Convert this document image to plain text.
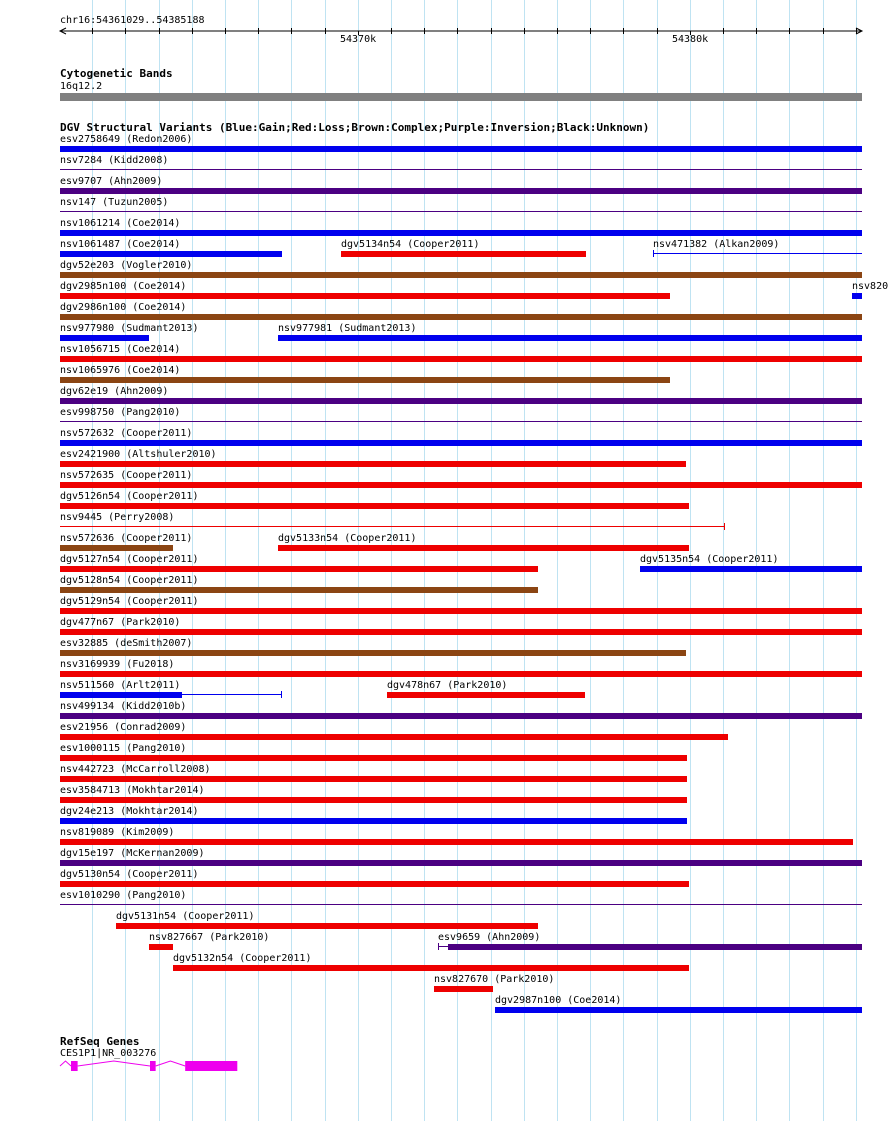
chr16:54361029..54385188
54370k	54380k
Cytogenetic Bands
16q12.2
DGV Structural Variants (Blue:Gain;Red:Loss;Brown:Complex;Purple:Inversion;Black:Unknown)
esv2758649 (Redon2006)
nsv7284 (Kidd2008)
esv9707 (Ahn2009)
nsv147 (Tuzun2005)
nsv1061214 (Coe2014)
nsv1061487 (Coe2014)	dgv5134n54 (Cooper2011)	nsv471382 (Alkan2009)
dgv52e203 (Vogler2010)
dgv2985n100 (Coe2014)	nsv820
dgv2986n100 (Coe2014)
nsv977980 (Sudmant2013)	nsv977981 (Sudmant2013)
nsv1056715 (Coe2014)
nsv1065976 (Coe2014)
dgv62e19 (Ahn2009)
esv998750 (Pang2010)
nsv572632 (Cooper2011)
esv2421900 (Altshuler2010)
nsv572635 (Cooper2011)
dgv5126n54 (Cooper2011)
nsv9445 (Perry2008)
nsv572636 (Cooper2011)	dgv5133n54 (Cooper2011)
dgv5127n54 (Cooper2011)	dgv5135n54 (Cooper2011)
dgv5128n54 (Cooper2011)
dgv5129n54 (Cooper2011)
dgv477n67 (Park2010)
esv32885 (deSmith2007)
nsv3169939 (Fu2018)
nsv511560 (Arlt2011)	dgv478n67 (Park2010)
nsv499134 (Kidd2010b)
esv21956 (Conrad2009)
esv1000115 (Pang2010)
nsv442723 (McCarroll2008)
esv3584713 (Mokhtar2014)
dgv24e213 (Mokhtar2014)
nsv819089 (Kim2009)
dgv15e197 (McKernan2009)
dgv5130n54 (Cooper2011)
esv1010290 (Pang2010)
dgv5131n54 (Cooper2011)
nsv827667 (Park2010)	esv9659 (Ahn2009)
dgv5132n54 (Cooper2011)
nsv827670 (Park2010)
dgv2987n100 (Coe2014)
RefSeq Genes
CES1P1|NR_003276
